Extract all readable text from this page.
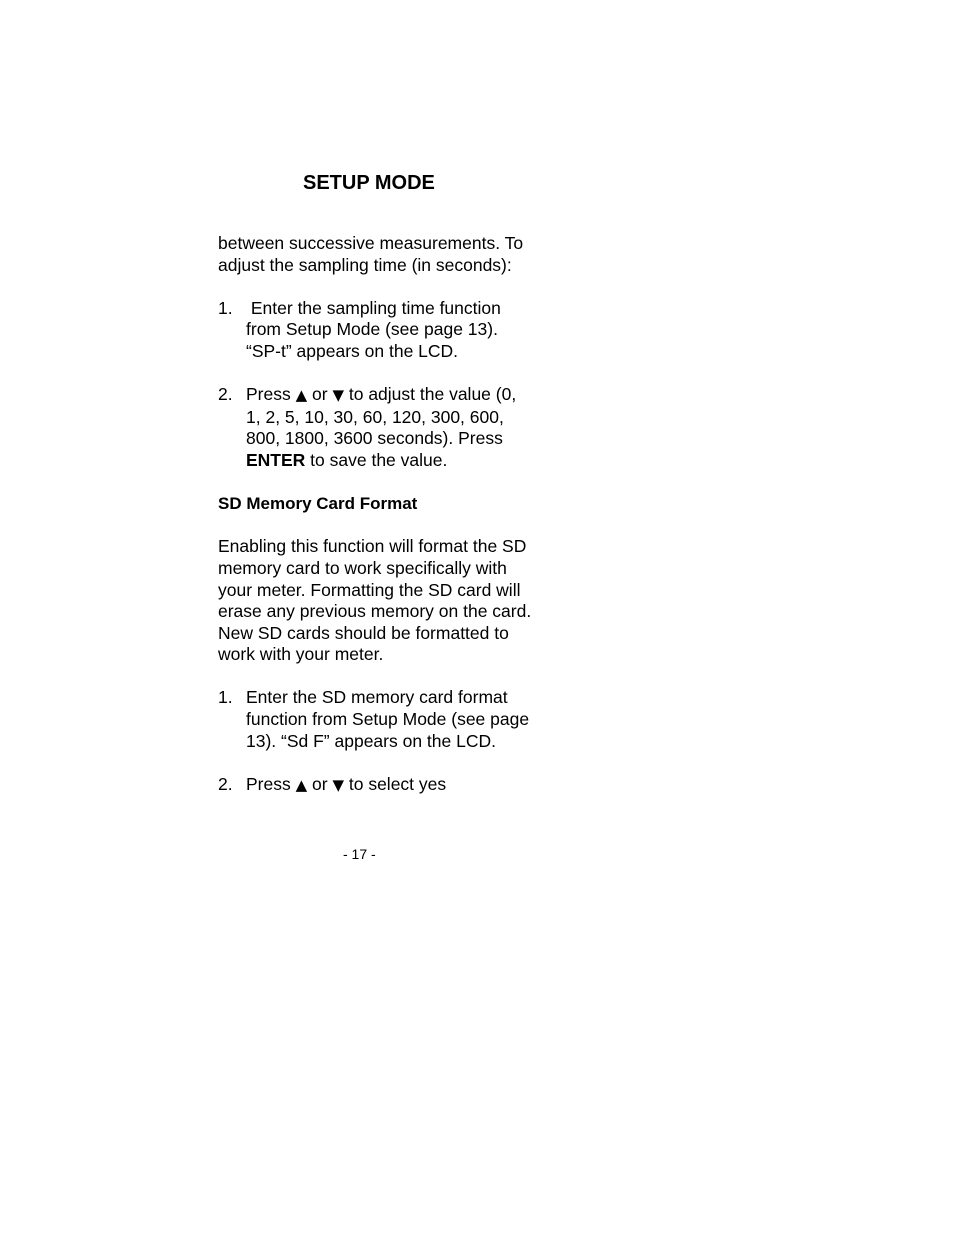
SETUP MODE

between successive measurements. To adjust the sampling time (in seconds):

1. Enter the sampling time function from Setup Mode (see page 13). “SP-t” appears on the LCD.
2. Press ▲ or ▼ to adjust the value (0, 1, 2, 5, 10, 30, 60, 120, 300, 600, 800, 1800, 3600 seconds). Press ENTER to save the value.

SD Memory Card Format

Enabling this function will format the SD memory card to work specifically with your meter. Formatting the SD card will erase any previous memory on the card. New SD cards should be formatted to work with your meter.

1. Enter the SD memory card format function from Setup Mode (see page 13). “Sd F” appears on the LCD.
2. Press ▲ or ▼ to select yes
- 17 -
